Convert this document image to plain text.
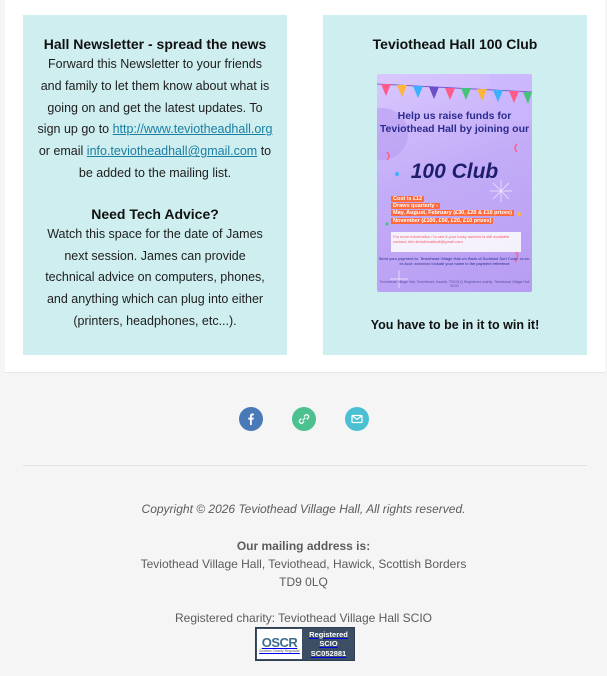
Hall Newsletter - spread the news

Forward this Newsletter to your friends

and family to let them know about what is

going on and get the latest updates. To

sign up go to http://www.teviotheadhall.org

or email info.teviotheadhall@gmail.com to

be added to the mailing list.

Need Tech Advice?

Watch this space for the date of James

next session. James can provide

technical advice on computers, phones,

and anything which can plug into either

(printers, headphones, etc...).

Teviothead Hall 100 Club
Help us raise funds for Teviothead Hall by joining our
100 Club
Cost is £12
Draws quarterly -
May, August, February (£30, £20 & £10 prizes)
November (£100, £50, £20, £10 prizes)
For more information / to see if your lucky number is still available contact: info.teviotheadhall@gmail.com
Send your payment to: Teviothead Village Hall c/o Bank of Scotland Sort Code: xx-xx-xx Acct: xxxxxxxx Include your name in the payment reference
Teviothead Village Hall, Teviothead, Hawick, TD9 0LQ Registered charity: Teviothead Village Hall SCIO
You have to be in it to win it!
Copyright © 2026 Teviothead Village Hall, All rights reserved.
Our mailing address is:
Teviothead Village Hall, Teviothead, Hawick, Scottish Borders
TD9 0LQ
Registered charity: Teviothead Village Hall SCIO
OSCR
Scottish Charity Regulator
Registered
SCIO
SC052881
